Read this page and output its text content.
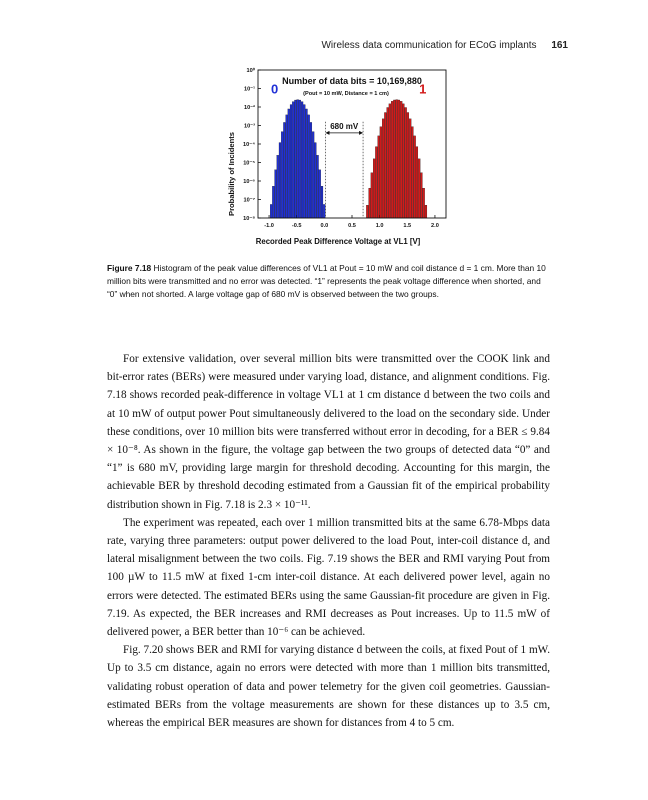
Wireless data communication for ECoG implants 161
10⁰
10⁻¹
10⁻²
10⁻³
10⁻⁴
10⁻⁵
10⁻⁶
10⁻⁷
10⁻⁸
-1.0	-0.5	0.0	0.5	1.0	1.5	2.0
0	1
680 mV
Number of data bits = 10,169,880
(Pout = 10 mW, Distance = 1 cm)
Probability of Incidents
Recorded Peak Difference Voltage at VL1 [V]
Figure 7.18 Histogram of the peak value differences of VL1 at Pout = 10 mW and coil distance d = 1 cm. More than 10 million bits were transmitted and no error was detected. “1” represents the peak voltage difference when shorted, and “0” when not shorted. A large voltage gap of 680 mV is observed between the two groups.

For extensive validation, over several million bits were transmitted over the COOK link and bit-error rates (BERs) were measured under varying load, distance, and alignment conditions. Fig. 7.18 shows recorded peak-difference in voltage VL1 at 1 cm distance d between the two coils and at 10 mW of output power Pout simultaneously delivered to the load on the secondary side. Under these conditions, over 10 million bits were transferred without error in decoding, for a BER ≤ 9.84 × 10⁻⁸. As shown in the figure, the voltage gap between the two groups of detected data “0” and “1” is 680 mV, providing large margin for threshold decoding. Accounting for this margin, the achievable BER by threshold decoding estimated from a Gaussian fit of the empirical probability distribution shown in Fig. 7.18 is 2.3 × 10⁻¹¹.

The experiment was repeated, each over 1 million transmitted bits at the same 6.78-Mbps data rate, varying three parameters: output power delivered to the load Pout, inter-coil distance d, and lateral misalignment between the two coils. Fig. 7.19 shows the BER and RMI varying Pout from 100 µW to 11.5 mW at fixed 1-cm inter-coil distance. At each delivered power level, again no errors were detected. The estimated BERs using the same Gaussian-fit procedure are given in Fig. 7.19. As expected, the BER increases and RMI decreases as Pout increases. Up to 11.5 mW of delivered power, a BER better than 10⁻⁶ can be achieved.

Fig. 7.20 shows BER and RMI for varying distance d between the coils, at fixed Pout of 1 mW. Up to 3.5 cm distance, again no errors were detected with more than 1 million bits transmitted, validating robust operation of data and power telemetry for the given coil geometries. Gaussian-estimated BERs from the voltage measurements are shown for these distances up to 3.5 cm, whereas the empirical BER measures are shown for distances from 4 to 5 cm.
